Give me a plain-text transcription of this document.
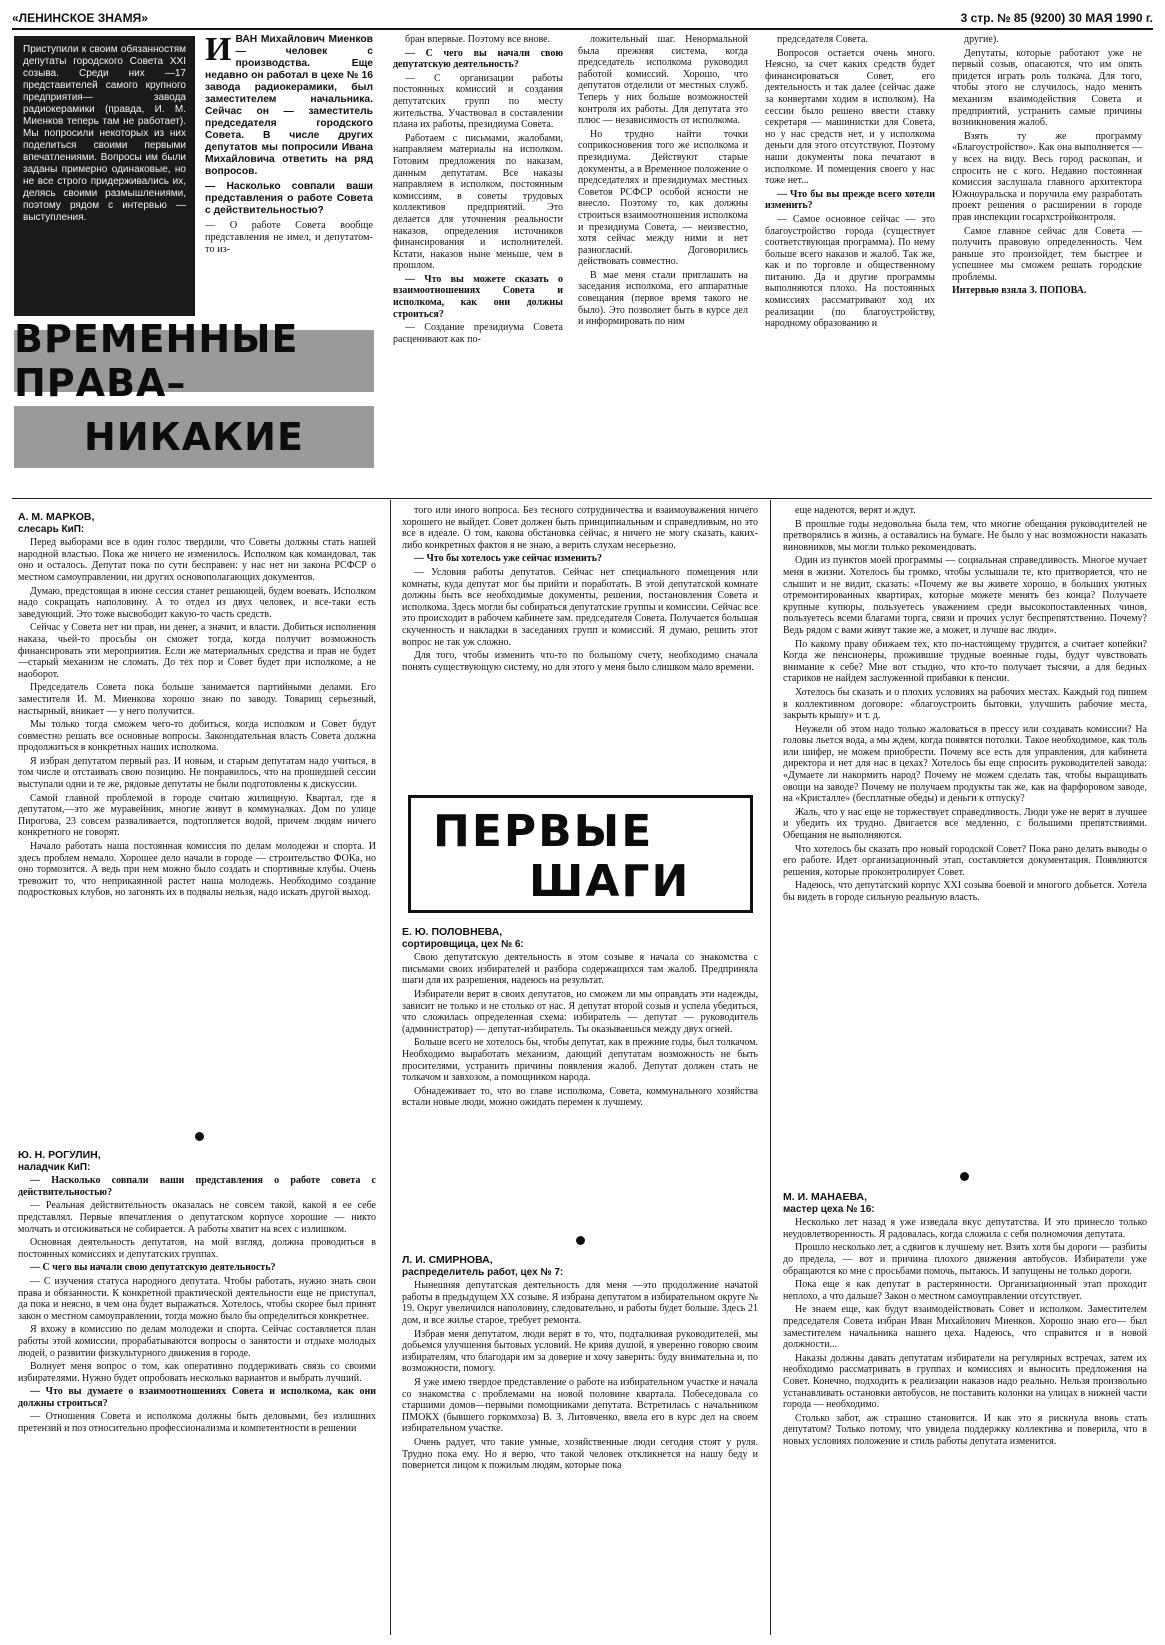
«ЛЕНИНСКОЕ ЗНАМЯ»	3 стр. № 85 (9200) 30 МАЯ 1990 г.
Приступили к своим обязанностям депутаты городского Совета XXI созыва. Среди них —17 представителей самого крупного предприятия— завода радиокерамики (правда, И. М. Миенков теперь там не работает). Мы попросили некоторых из них поделиться своими первыми впечатлениями. Вопросы им были заданы примерно одинаковые, но не все строго придерживались их, делясь своими размышлениями, поэтому рядом с интервью — выступления.

ИВАН Михайлович Миенков — человек с производства. Еще недавно он работал в цехе № 16 завода радиокерамики, был заместителем начальника. Сейчас он — заместитель председателя городского Совета. В числе других депутатов мы попросили Ивана Михайловича ответить на ряд вопросов.

— Насколько совпали ваши представления о работе Совета с действительностью?

— О работе Совета вообще представления не имел, и депутатом-то из-

ВРЕМЕННЫЕ ПРАВА–
НИКАКИЕ

бран впервые. Поэтому все внове.

— С чего вы начали свою депутатскую деятельность?

— С организации работы постоянных комиссий и создания депутатских групп по месту жительства. Участвовал в составлении плана их работы, президиума Совета.

Работаем с письмами, жалобами, направляем материалы на исполком. Готовим предложения по наказам, данным депутатам. Все наказы направляем в исполком, постоянным комиссиям, в советы трудовых коллективов предприятий. Это делается для уточнения реальности наказов, определения источников финансирования и исполнителей. Кстати, наказов ныне меньше, чем в прошлом.

— Что вы можете сказать о взаимоотношениях Совета и исполкома, как они должны строиться?

— Создание президиума Совета расценивают как по-

ложительный шаг. Ненормальной была прежняя система, когда председатель исполкома руководил работой комиссий. Хорошо, что депутатов отделили от местных служб. Теперь у них больше возможностей контроля их работы. Для депутата это плюс — независимость от исполкома.

Но трудно найти точки соприкосновения того же исполкома и президиума. Действуют старые документы, а в Временное положение о председателях и президиумах местных Советов РСФСР особой ясности не внесло. Поэтому то, как должны строиться взаимоотношения исполкома и президиума Совета, — неизвестно, хотя сейчас между ними и нет разногласий. Договорились действовать совместно.

В мае меня стали приглашать на заседания исполкома, его аппаратные совещания (первое время такого не было). Это позволяет быть в курсе дел и информировать по ним

председателя Совета.

Вопросов остается очень много. Неясно, за счет каких средств будет финансироваться Совет, его деятельность и так далее (сейчас даже за конвертами ходим в исполком). На сессии было решено ввести ставку секретаря — машинистки для Совета, но у нас средств нет, и у исполкома деньги для этого отсутствуют. Поэтому наши документы пока печатают в исполкоме. И помещения своего у нас тоже нет...

— Что бы вы прежде всего хотели изменить?

— Самое основное сейчас — это благоустройство города (существует соответствующая программа). По нему больше всего наказов и жалоб. Так же, как и по торговле и общественному питанию. Да и другие программы выполняются плохо. На постоянных комиссиях рассматривают ход их реализации (по благоустройству, народному образованию и

другие).

Депутаты, которые работают уже не первый созыв, опасаются, что им опять придется играть роль толкача. Для того, чтобы этого не случилось, надо менять механизм взаимодействия Совета и предприятий, устранить самые причины возникновения жалоб.

Взять ту же программу «Благоустройство». Как она выполняется — у всех на виду. Весь город раскопан, и спросить не с кого. Недавно постоянная комиссия заслушала главного архитектора Южноуральска и поручила ему разработать проект решения о расширении в городе прав инспекции госархстройконтроля.

Самое главное сейчас для Совета — получить правовую определенность. Чем раньше это произойдет, тем быстрее и успешнее мы сможем решать городские проблемы.

Интервью взяла З. ПОПОВА.

А. М. МАРКОВ,
слесарь КиП:

Перед выборами все в один голос твердили, что Советы должны стать нашей народной властью. Пока же ничего не изменилось. Исполком как командовал, так оно и осталось. Депутат пока по сути бесправен: у нас нет ни закона РСФСР о местном самоуправлении, ни других основополагающих документов.

Думаю, предстоящая в июне сессия станет решающей, будем воевать. Исполком надо сокращать наполовину. А то отдел из двух человек, и все-таки есть заведующий. Это тоже высвободит какую-то часть средств.

Сейчас у Совета нет ни прав, ни денег, а значит, и власти. Добиться исполнения наказа, чьей-то просьбы он сможет тогда, когда получит возможность финансировать эти мероприятия. Если же материальных средства и прав не будет—старый механизм не сломать. До тех пор и Совет будет при исполкоме, а не наоборот.

Председатель Совета пока больше занимается партийными делами. Его заместителя И. М. Миенкова хорошо знаю по заводу. Товарищ серьезный, настырный, вникает — у него получится.

Мы только тогда сможем чего-то добиться, когда исполком и Совет будут совместно решать все основные вопросы. Законодательная власть Совета должна продолжиться в конкретных наших исполкома.

Я избран депутатом первый раз. И новым, и старым депутатам надо учиться, в том числе и отстаивать свою позицию. Не понравилось, что на прошедшей сессии выступали одни и те же, рядовые депутаты не были подготовлены к дискуссии.

Самой главной проблемой в городе считаю жилищную. Квартал, где я депутатом,—это же муравейник, многие живут в коммуналках. Дом по улице Пирогова, 23 совсем разваливается, подтопляется водой, причем людям ничего конкретного не говорят.

Начало работать наша постоянная комиссия по делам молодежи и спорта. И здесь проблем немало. Хорошее дело начали в городе — строительство ФОКа, но оно тормозится. А ведь при нем можно было создать и спортивные клубы. Очень тревожит то, что неприкаянной растет наша молодежь. Необходимо создание подростковых клубов, но загонять их в подвалы нельзя, надо искать другой выход.

Ю. Н. РОГУЛИН,
наладчик КиП:

— Насколько совпали ваши представления о работе совета с действительностью?

— Реальная действительность оказалась не совсем такой, какой я ее себе представлял. Первые впечатления о депутатском корпусе хорошие — никто молчать и отсиживаться не собирается. А работы хватит на всех с излишком.

Основная деятельность депутатов, на мой взгляд, должна проводиться в постоянных комиссиях и депутатских группах.

— С чего вы начали свою депутатскую деятельность?

— С изучения статуса народного депутата. Чтобы работать, нужно знать свои права и обязанности. К конкретной практической деятельности еще не приступал, да пока и неясно, в чем она будет выражаться. Хотелось, чтобы скорее был принят закон о местном самоуправлении, тогда можно было бы определиться конкретнее.

Я вхожу в комиссию по делам молодежи и спорта. Сейчас составляется план работы этой комиссии, прорабатываются вопросы о занятости и отдыхе молодых людей, о развитии физкультурного движения в городе.

Волнует меня вопрос о том, как оперативно поддерживать связь со своими избирателями. Нужно будет опробовать несколько вариантов и выбрать лучший.

— Что вы думаете о взаимоотношениях Совета и исполкома, как они должны строиться?

— Отношения Совета и исполкома должны быть деловыми, без излишних претензий и поз относительно профессионализма и компетентности в решении

того или иного вопроса. Без тесного сотрудничества и взаимоуважения ничего хорошего не выйдет. Совет должен быть принципиальным и справедливым, но это все в идеале. О том, какова обстановка сейчас, я ничего не могу сказать, каких-либо конкретных фактов я не знаю, а верить слухам несерьезно.

— Что бы хотелось уже сейчас изменить?

— Условия работы депутатов. Сейчас нет специального помещения или комнаты, куда депутат мог бы прийти и поработать. В этой депутатской комнате должны быть все необходимые документы, решения, постановления Совета и исполкома. Здесь могли бы собираться депутатские группы и комиссии. Сейчас все это происходит в рабочем кабинете зам. председателя Совета. Получается большая скученность и накладки в заседаниях групп и комиссий. Я думаю, решить этот вопрос не так уж сложно.

Для того, чтобы изменить что-то по большому счету, необходимо сначала понять существующую систему, но для этого у меня было слишком мало времени.

ПЕРВЫЕ
ШАГИ
Е. Ю. ПОЛОВНЕВА,
сортировщица, цех № 6:

Свою депутатскую деятельность в этом созыве я начала со знакомства с письмами своих избирателей и разбора содержащихся там жалоб. Предприняла шаги для их разрешения, надеюсь на результат.

Избиратели верят в своих депутатов, но сможем ли мы оправдать эти надежды, зависит не только и не столько от нас. Я депутат второй созыв и успела убедиться, что сложилась определенная схема: избиратель — депутат — руководитель (администратор) — депутат-избиратель. Ты оказываешься между двух огней.

Больше всего не хотелось бы, чтобы депутат, как в прежние годы, был толкачом. Необходимо выработать механизм, дающий депутатам возможность не быть просителями, устранить причины появления жалоб. Депутат должен стать не толкачом и завхозом, а помощником народа.

Обнадеживает то, что во главе исполкома, Совета, коммунального хозяйства встали новые люди, можно ожидать перемен к лучшему.

Л. И. СМИРНОВА,
распределитель работ, цех № 7:

Нынешняя депутатская деятельность для меня —это продолжение начатой работы в предыдущем XX созыве. Я избрана депутатом в избирательном округе № 19. Округ увеличился наполовину, следовательно, и работы будет больше. Здесь 21 дом, и все жилье старое, требует ремонта.

Избрав меня депутатом, люди верят в то, что, подталкивая руководителей, мы добьемся улучшения бытовых условий. Не кривя душой, я уверенно говорю своим избирателям, что благодаря им за доверие и хочу заверить: буду внимательна и, по возможности, помогу.

Я уже имею твердое представление о работе на избирательном участке и начала со знакомства с проблемами на новой половине квартала. Побеседовала со старшими домов—первыми помощниками депутата. Встретилась с начальником ПМОКХ (бывшего горкомхоза) В. З. Литовченко, ввела его в курс дел на своем избирательном участке.

Очень радует, что такие умные, хозяйственные люди сегодня стоят у руля. Трудно пока ему. Но я верю, что такой человек откликнется на нашу беду и повернется лицом к пожилым людям, которые пока

еще надеются, верят и ждут.

В прошлые годы недовольна была тем, что многие обещания руководителей не претворялись в жизнь, а оставались на бумаге. Не было у нас возможности наказать виновников, мы могли только рекомендовать.

Один из пунктов моей программы — социальная справедливость. Многое мучает меня в жизни. Хотелось бы громко, чтобы услышали те, кто притворяется, что не слышит и не видит, сказать: «Почему же вы живете хорошо, в больших уютных отремонтированных квартирах, которые можете менять без конца? Получаете крупные купюры, пользуетесь уважением среди высокопоставленных чинов, пользуетесь всеми благами торга, связи и прочих услуг беспрепятственно. Почему? Ведь рядом с вами живут такие же, а может, и лучше вас люди».

По какому праву обижаем тех, кто по-настоящему трудится, а считает копейки? Когда же пенсионеры, прожившие трудные военные годы, будут чувствовать внимание к себе? Мне вот стыдно, что кто-то получает тысячи, а для бедных стариков не найдем заслуженной прибавки к пенсии.

Хотелось бы сказать и о плохих условиях на рабочих местах. Каждый год пишем в коллективном договоре: «благоустроить бытовки, улучшить рабочие места, закрыть крышу» и т. д.

Неужели об этом надо только жаловаться в прессу или создавать комиссии? На головы льется вода, а мы ждем, когда появятся потолки. Такое необходимое, как толь или шифер, не можем приобрести. Почему все есть для управления, для кабинета директора и нет для нас в цехах? Хотелось бы еще спросить руководителей завода: «Думаете ли накормить народ? Почему не можем сделать так, чтобы выращивать овощи на заводе? Почему не получаем продукты так же, как на фарфоровом заводе, на «Кристалле» (бесплатные обеды) и деньги к отпуску?

Жаль, что у нас еще не торжествует справедливость. Люди уже не верят в лучшее и убедить их трудно. Двигается все медленно, с большими препятствиями. Обещания не выполняются.

Что хотелось бы сказать про новый городской Совет? Пока рано делать выводы о его работе. Идет организационный этап, составляется документация. Появляются решения, которые проконтролирует Совет.

Надеюсь, что депутатский корпус XXI созыва боевой и многого добьется. Хотела бы видеть в городе сильную реальную власть.

М. И. МАНАЕВА,
мастер цеха № 16:

Несколько лет назад я уже изведала вкус депутатства. И это принесло только неудовлетворенность. Я радовалась, когда сложила с себя полномочия депутата.

Прошло несколько лет, а сдвигов к лучшему нет. Взять хотя бы дороги — разбиты до предела, — вот и причина плохого движения автобусов. Избиратели уже обращаются ко мне с просьбами помочь, пытаюсь. И запущены не только дороги.

Пока еще я как депутат в растерянности. Организационный этап проходит неплохо, а что дальше? Закон о местном самоуправлении отсутствует.

Не знаем еще, как будут взаимодействовать Совет и исполком. Заместителем председателя Совета избран Иван Михайлович Миенков. Хорошо знаю его— был заместителем начальника нашего цеха. Надеюсь, что справится и в новой должности...

Наказы должны давать депутатам избиратели на регулярных встречах, затем их необходимо рассматривать в группах и комиссиях и выносить предложения на Совет. Конечно, подходить к реализации наказов надо реально. Нельзя произвольно устанавливать остановки автобусов, не поставить колонки на улицах в нижней части города — необходимо.

Столько забот, аж страшно становится. И как это я рискнула вновь стать депутатом? Только потому, что увидела поддержку коллектива и поверила, что в новых условиях положение и стиль работы депутата изменится.
